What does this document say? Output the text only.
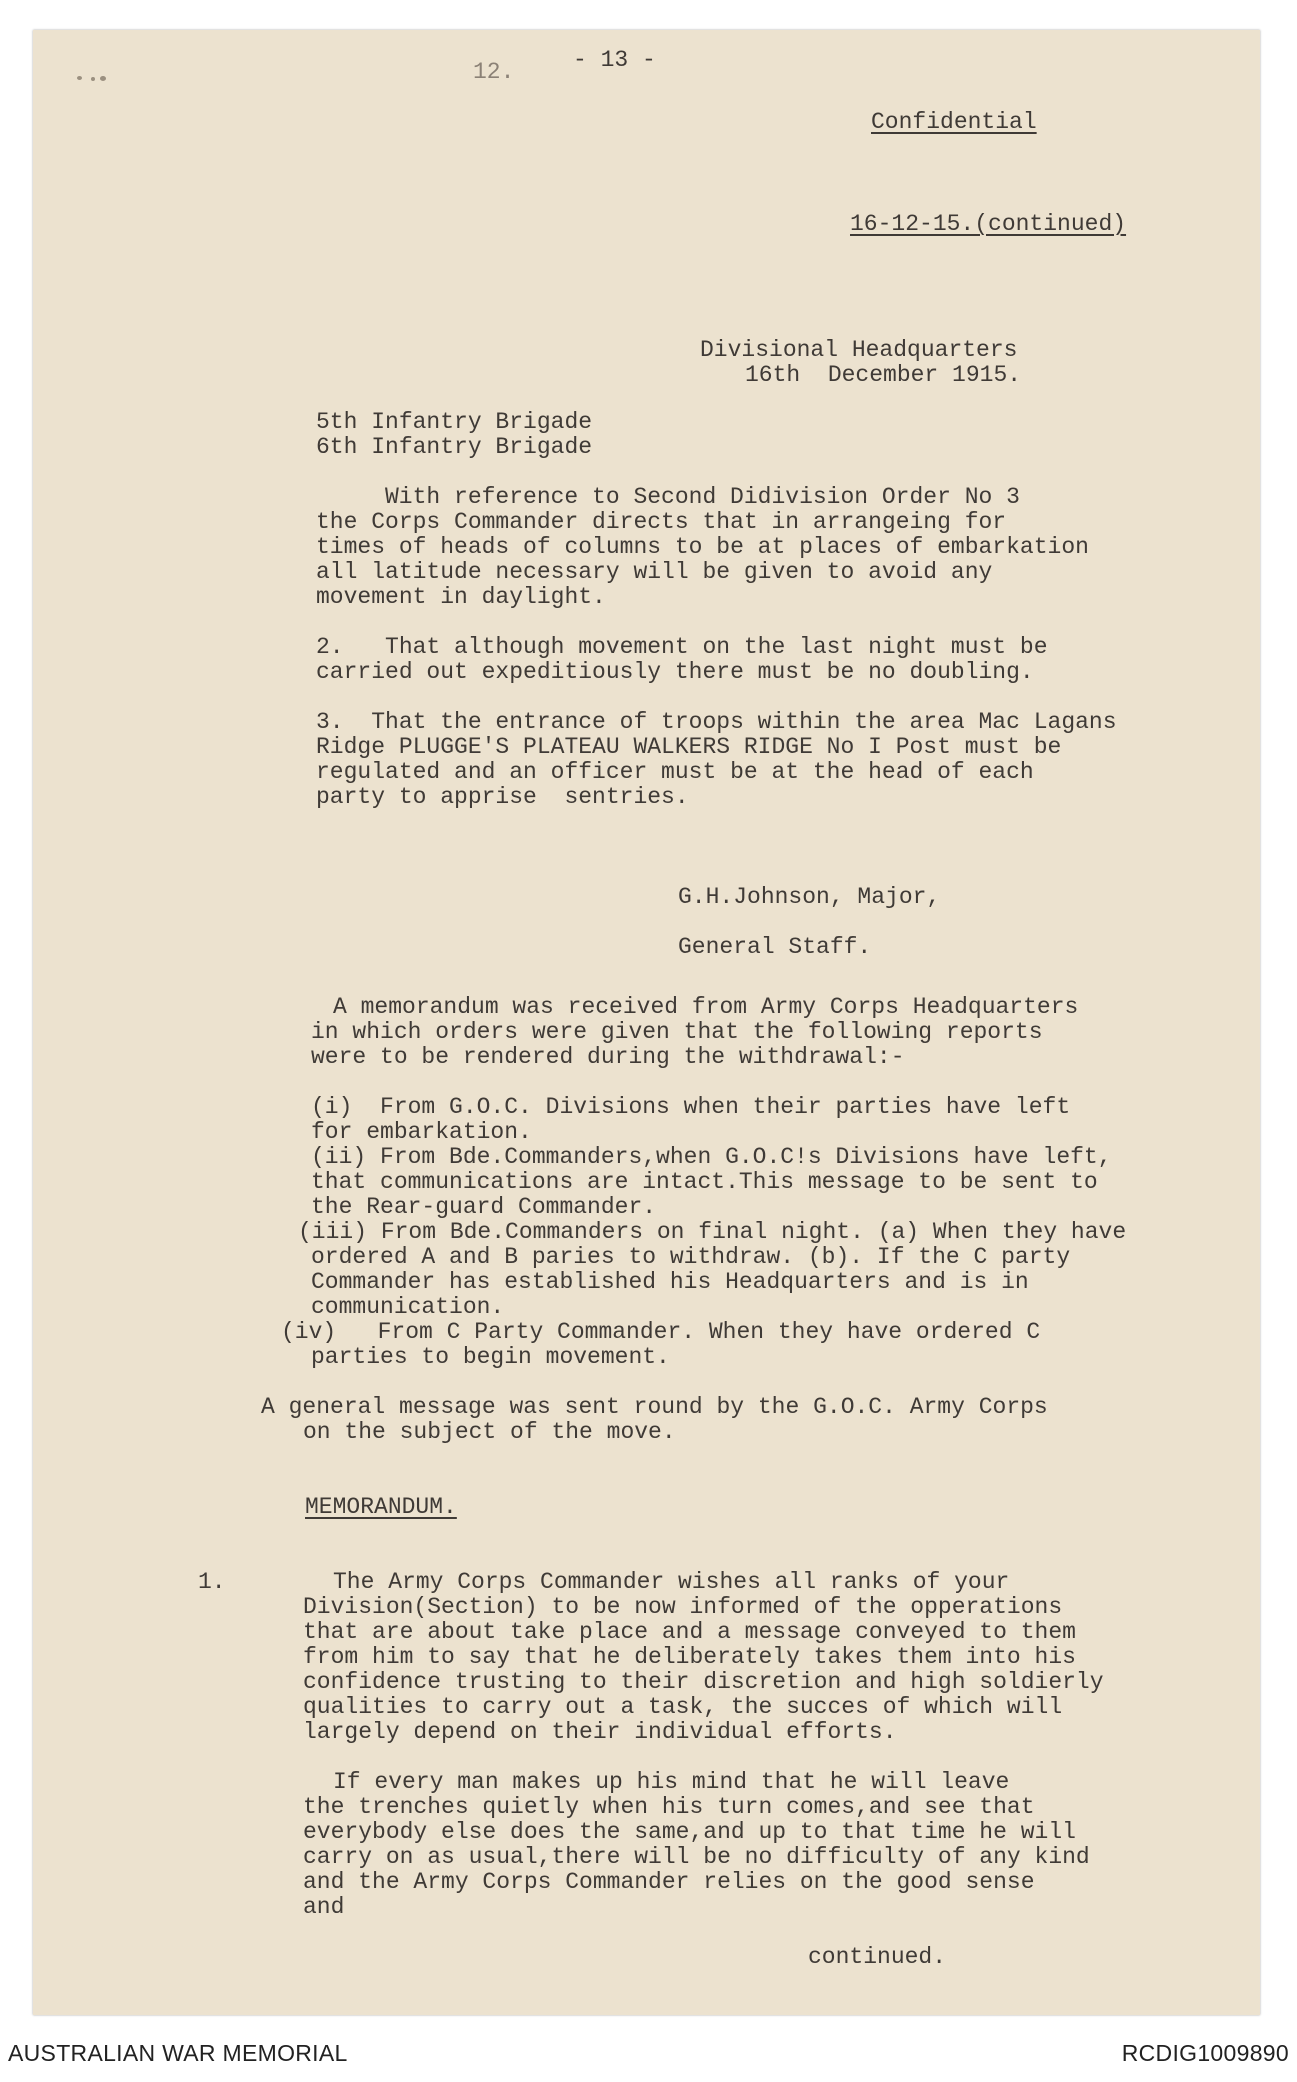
- 13 -
12.
Confidential
16-12-15.(continued)
Divisional Headquarters
16th  December 1915.
5th Infantry Brigade
6th Infantry Brigade
With reference to Second Didivision Order No 3
the Corps Commander directs that in arrangeing for
times of heads of columns to be at places of embarkation
all latitude necessary will be given to avoid any
movement in daylight.
2.   That although movement on the last night must be
carried out expeditiously there must be no doubling.
3.  That the entrance of troops within the area Mac Lagans
Ridge PLUGGE'S PLATEAU WALKERS RIDGE No I Post must be
regulated and an officer must be at the head of each
party to apprise  sentries.
G.H.Johnson, Major,
General Staff.
A memorandum was received from Army Corps Headquarters
in which orders were given that the following reports
were to be rendered during the withdrawal:-
(i)  From G.O.C. Divisions when their parties have left
for embarkation.
(ii) From Bde.Commanders,when G.O.C!s Divisions have left,
that communications are intact.This message to be sent to
the Rear-guard Commander.
(iii) From Bde.Commanders on final night. (a) When they have
ordered A and B paries to withdraw. (b). If the C party
Commander has established his Headquarters and is in
communication.
(iv)   From C Party Commander. When they have ordered C
parties to begin movement.
A general message was sent round by the G.O.C. Army Corps
on the subject of the move.
MEMORANDUM.
1.	The Army Corps Commander wishes all ranks of your
Division(Section) to be now informed of the opperations
that are about take place and a message conveyed to them
from him to say that he deliberately takes them into his
confidence trusting to their discretion and high soldierly
qualities to carry out a task, the succes of which will
largely depend on their individual efforts.
If every man makes up his mind that he will leave
the trenches quietly when his turn comes,and see that
everybody else does the same,and up to that time he will
carry on as usual,there will be no difficulty of any kind
and the Army Corps Commander relies on the good sense
and
continued.
AUSTRALIAN WAR MEMORIAL	RCDIG1009890
